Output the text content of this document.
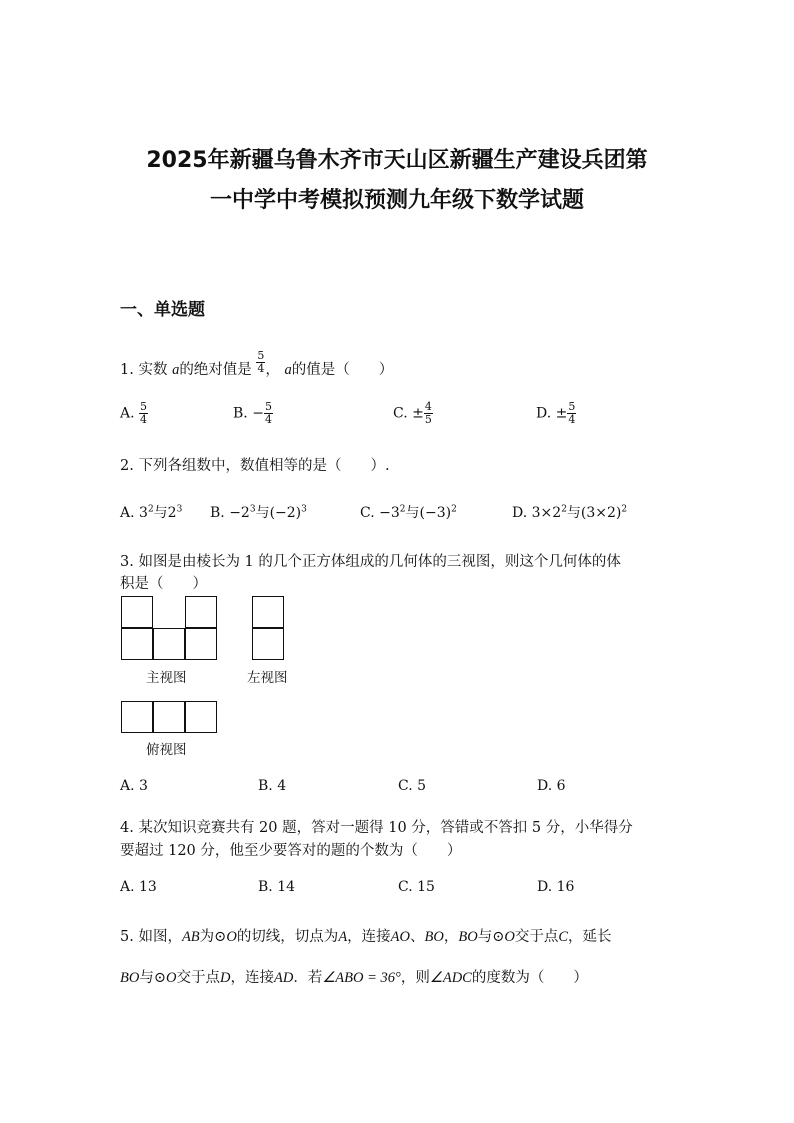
2025年新疆乌鲁木齐市天山区新疆生产建设兵团第
一中学中考模拟预测九年级下数学试题
一、单选题
1. 实数 a的绝对值是 $\frac{5}{4}$ ， a的值是（　　）
A. $\frac{5}{4}$	B. − $\frac{5}{4}$	C. ± $\frac{4}{5}$	D. ± $\frac{5}{4}$
2. 下列各组数中，数值相等的是（　　）.
A. $3^2$与$2^3$ B. $-2^3$与$(-2)^3$	C. $-3^2$与$(-3)^2$	D. $3\times 2^2$与$(3\times 2)^2$
3. 如图是由棱长为 1 的几个正方体组成的几何体的三视图，则这个几何体的体
积是（　　）
主视图	左视图
俯视图
A. 3	B. 4	C. 5	D. 6
4. 某次知识竞赛共有 20 题，答对一题得 10 分，答错或不答扣 5 分，小华得分
要超过 120 分，他至少要答对的题的个数为（　　）
A. 13	B. 14	C. 15	D. 16
5. 如图，AB为⊙O的切线，切点为A，连接AO、BO，BO与⊙O交于点C，延长
BO与⊙O交于点D，连接AD．若∠ABO = 36°，则∠ADC的度数为（　　）
